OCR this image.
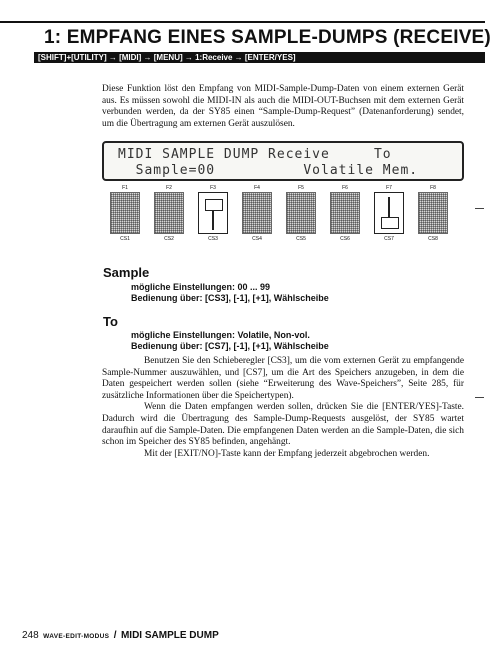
1: EMPFANG EINES SAMPLE-DUMPS (RECEIVE)
[SHIFT]+[UTILITY] → [MIDI] → [MENU] → 1:Receive → [ENTER/YES]
Diese Funktion löst den Empfang von MIDI-Sample-Dump-Daten von einem externen Gerät aus. Es müssen sowohl die MIDI-IN als auch die MIDI-OUT-Buchsen mit dem externen Gerät verbunden werden, da der SY85 einen “Sample-Dump-Request” (Datenanforderung) sendet, um die Übertragung am externen Gerät auszulösen.
MIDI SAMPLE DUMP Receive     To
Sample=00          Volatile Mem.
F1
CS1
F2
CS2
F3
CS3
F4
CS4
F5
CS5
F6
CS6
F7
CS7
F8
CS8
Sample
mögliche Einstellungen: 00 ... 99
Bedienung über: [CS3], [-1], [+1], Wählscheibe
To
mögliche Einstellungen: Volatile, Non-vol.
Bedienung über: [CS7], [-1], [+1], Wählscheibe

Benutzen Sie den Schieberegler [CS3], um die vom externen Gerät zu empfangende Sample-Nummer auszuwählen, und [CS7], um die Art des Speichers anzugeben, in dem die Daten gespeichert werden sollen (siehe “Erweiterung des Wave-Speichers”, Seite 285, für zusätzliche Informationen über die Speichertypen).

Wenn die Daten empfangen werden sollen, drücken Sie die [ENTER/YES]-Taste. Dadurch wird die Übertragung des Sample-Dump-Requests ausgelöst, der SY85 wartet daraufhin auf die Sample-Daten. Die empfangenen Daten werden an die Sample-Daten, die sich schon im Speicher des SY85 befinden, angehängt.

Mit der [EXIT/NO]-Taste kann der Empfang jederzeit abgebrochen werden.

248 WAVE-EDIT-MODUS / MIDI SAMPLE DUMP
